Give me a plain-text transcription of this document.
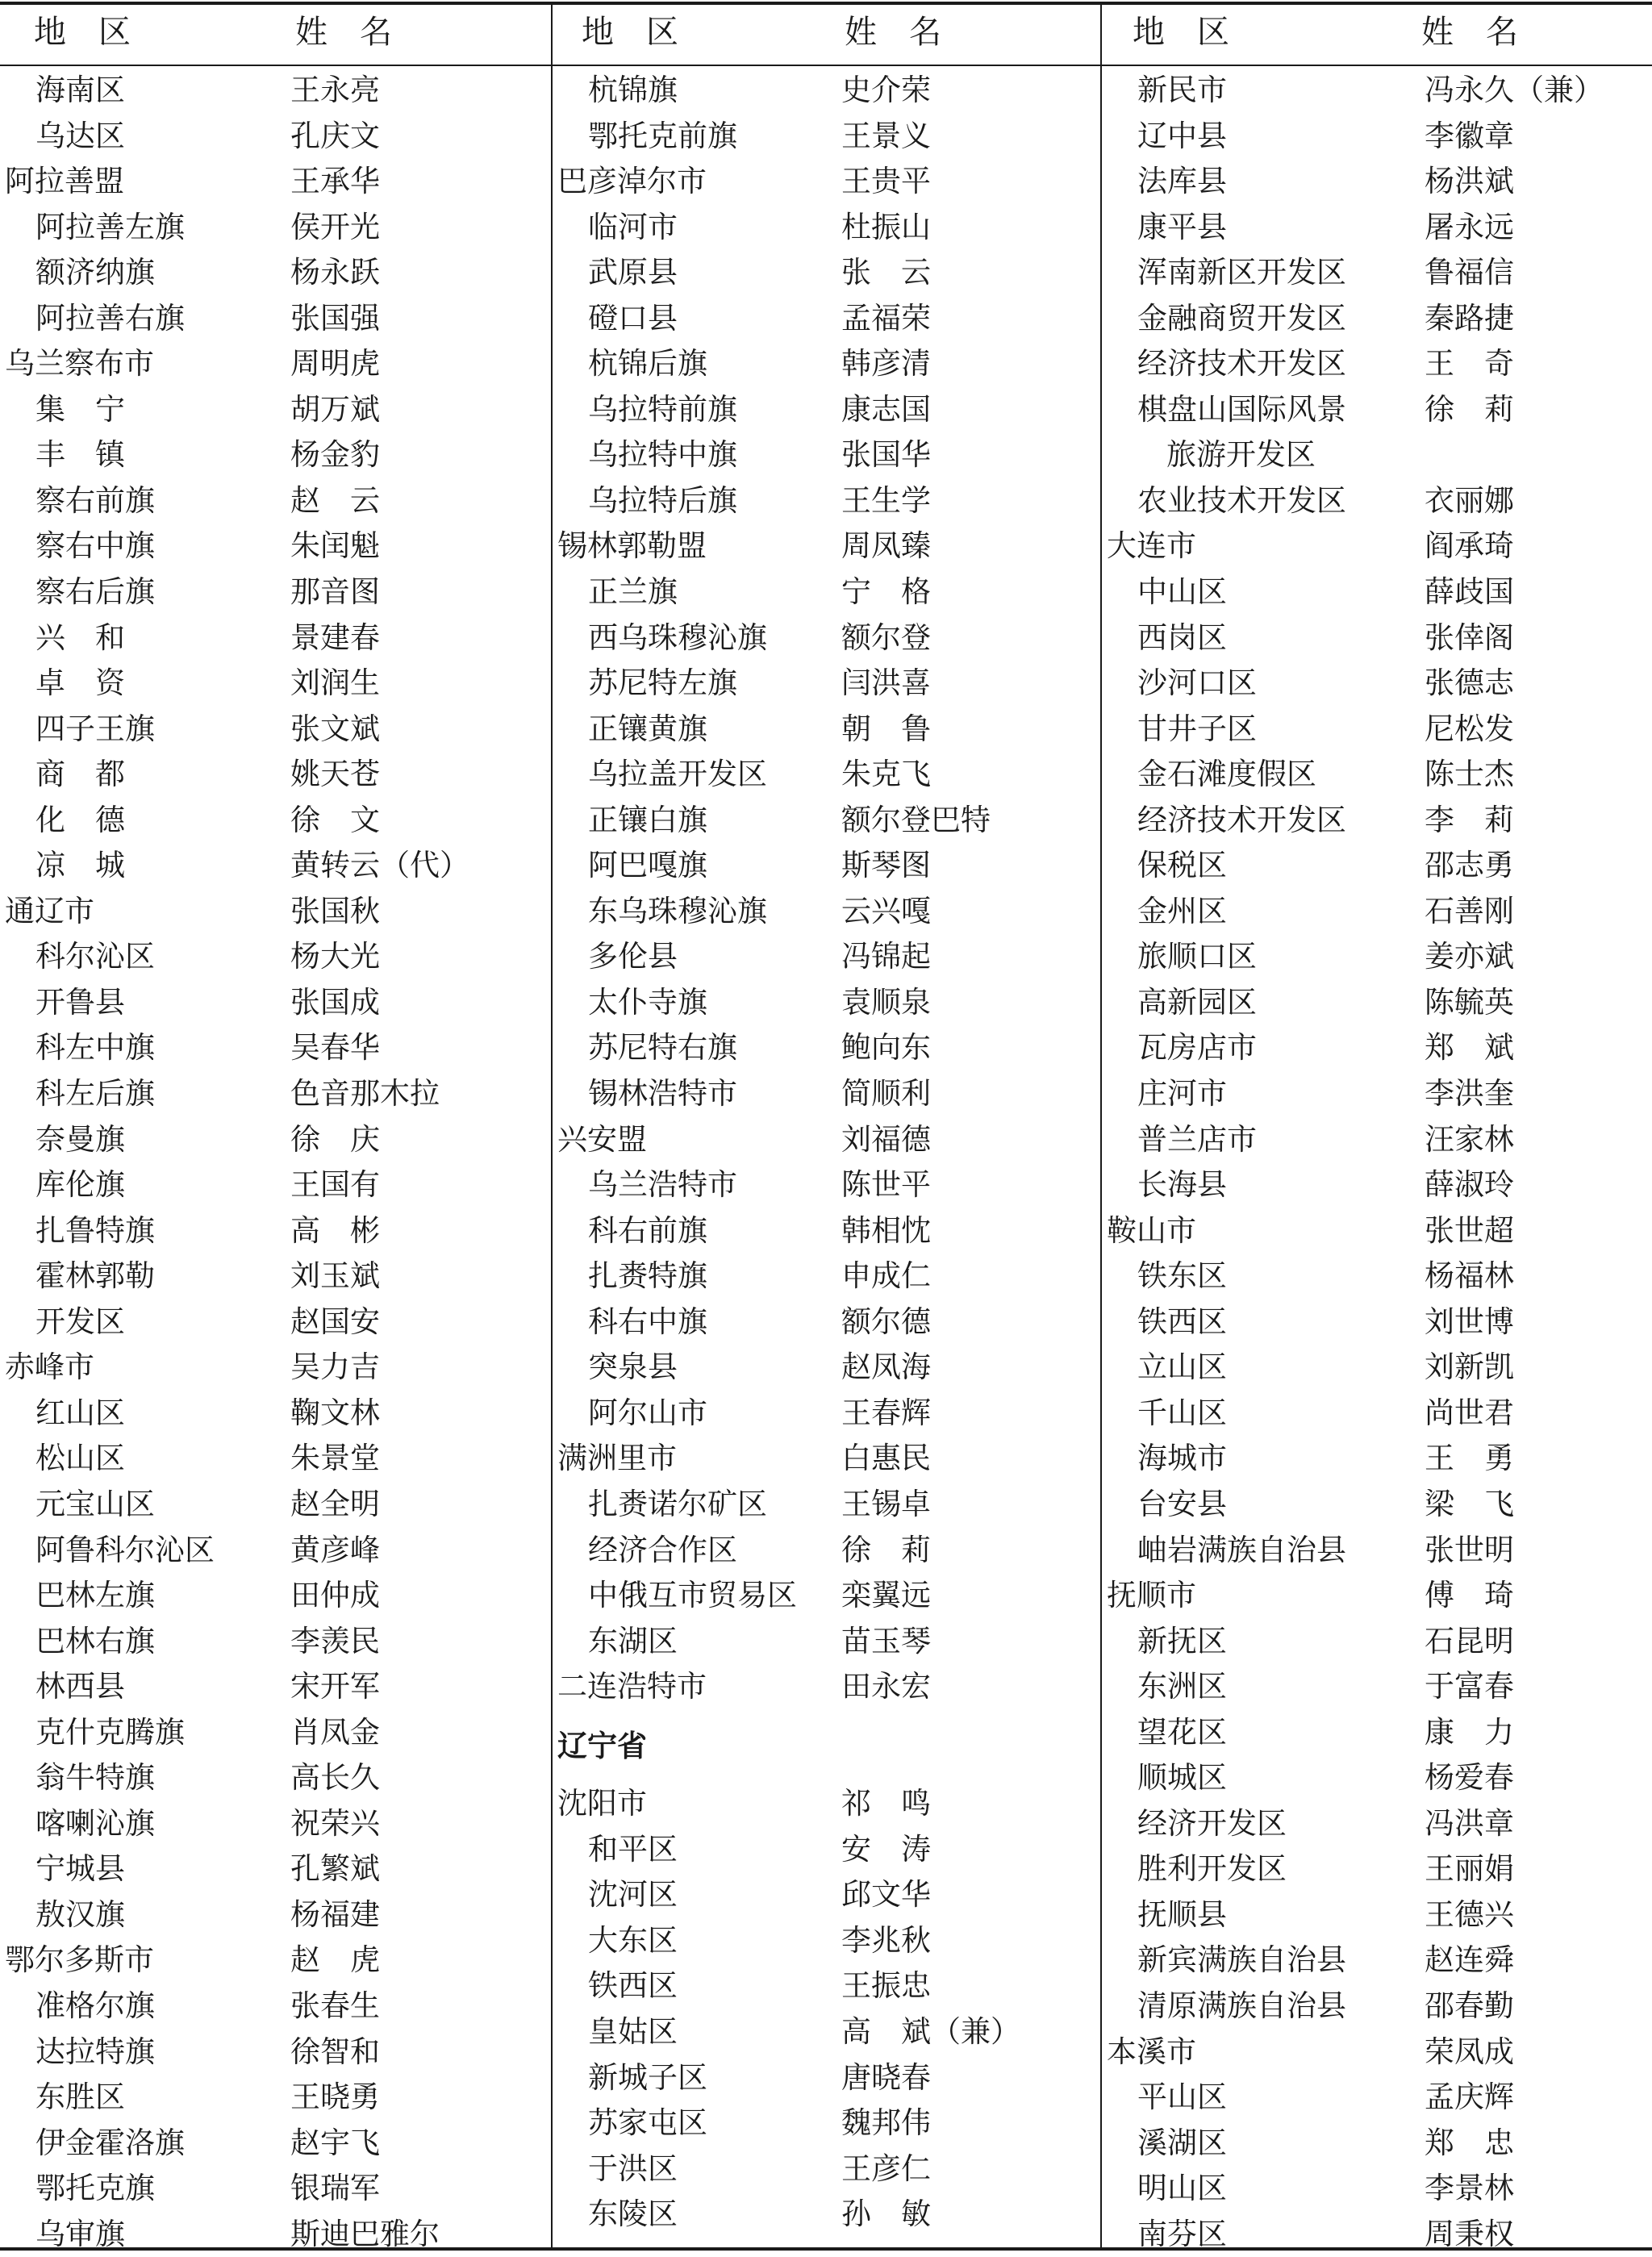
地　区	姓　名
海南区	王永亮
乌达区	孔庆文
阿拉善盟	王承华
阿拉善左旗	侯开光
额济纳旗	杨永跃
阿拉善右旗	张国强
乌兰察布市	周明虎
集　宁	胡万斌
丰　镇	杨金豹
察右前旗	赵　云
察右中旗	朱闰魁
察右后旗	那音图
兴　和	景建春
卓　资	刘润生
四子王旗	张文斌
商　都	姚天苍
化　德	徐　文
凉　城	黄转云（代）
通辽市	张国秋
科尔沁区	杨大光
开鲁县	张国成
科左中旗	吴春华
科左后旗	色音那木拉
奈曼旗	徐　庆
库伦旗	王国有
扎鲁特旗	高　彬
霍林郭勒	刘玉斌
开发区	赵国安
赤峰市	吴力吉
红山区	鞠文林
松山区	朱景堂
元宝山区	赵全明
阿鲁科尔沁区	黄彦峰
巴林左旗	田仲成
巴林右旗	李羡民
林西县	宋开军
克什克腾旗	肖凤金
翁牛特旗	高长久
喀喇沁旗	祝荣兴
宁城县	孔繁斌
敖汉旗	杨福建
鄂尔多斯市	赵　虎
准格尔旗	张春生
达拉特旗	徐智和
东胜区	王晓勇
伊金霍洛旗	赵宇飞
鄂托克旗	银瑞军
乌审旗	斯迪巴雅尔
地　区	姓　名
杭锦旗	史介荣
鄂托克前旗	王景义
巴彦淖尔市	王贵平
临河市	杜振山
武原县	张　云
磴口县	孟福荣
杭锦后旗	韩彦清
乌拉特前旗	康志国
乌拉特中旗	张国华
乌拉特后旗	王生学
锡林郭勒盟	周凤臻
正兰旗	宁　格
西乌珠穆沁旗 额尔登
苏尼特左旗	闫洪喜
正镶黄旗	朝　鲁
乌拉盖开发区 朱克飞
正镶白旗	额尔登巴特
阿巴嘎旗	斯琴图
东乌珠穆沁旗 云兴嘎
多伦县	冯锦起
太仆寺旗	袁顺泉
苏尼特右旗	鲍向东
锡林浩特市	简顺利
兴安盟	刘福德
乌兰浩特市	陈世平
科右前旗	韩相忱
扎赉特旗	申成仁
科右中旗	额尔德
突泉县	赵凤海
阿尔山市	王春辉
满洲里市	白惠民
扎赉诺尔矿区 王锡卓
经济合作区	徐　莉
中俄互市贸易区 栾翼远
东湖区	苗玉琴
二连浩特市	田永宏
辽宁省
沈阳市	祁　鸣
和平区	安　涛
沈河区	邱文华
大东区	李兆秋
铁西区	王振忠
皇姑区	高　斌（兼）
新城子区	唐晓春
苏家屯区	魏邦伟
于洪区	王彦仁
东陵区	孙　敏
地　区	姓　名
新民市	冯永久（兼）
辽中县	李徽章
法库县	杨洪斌
康平县	屠永远
浑南新区开发区	鲁福信
金融商贸开发区	秦路捷
经济技术开发区	王　奇
棋盘山国际风景	徐　莉
旅游开发区
农业技术开发区	衣丽娜
大连市	阎承琦
中山区	薛歧国
西岗区	张倖阁
沙河口区	张德志
甘井子区	尼松发
金石滩度假区	陈士杰
经济技术开发区	李　莉
保税区	邵志勇
金州区	石善刚
旅顺口区	姜亦斌
高新园区	陈毓英
瓦房店市	郑　斌
庄河市	李洪奎
普兰店市	汪家林
长海县	薛淑玲
鞍山市	张世超
铁东区	杨福林
铁西区	刘世博
立山区	刘新凯
千山区	尚世君
海城市	王　勇
台安县	梁　飞
岫岩满族自治县	张世明
抚顺市	傅　琦
新抚区	石昆明
东洲区	于富春
望花区	康　力
顺城区	杨爱春
经济开发区	冯洪章
胜利开发区	王丽娟
抚顺县	王德兴
新宾满族自治县	赵连舜
清原满族自治县	邵春勤
本溪市	荣凤成
平山区	孟庆辉
溪湖区	郑　忠
明山区	李景林
南芬区	周秉权
